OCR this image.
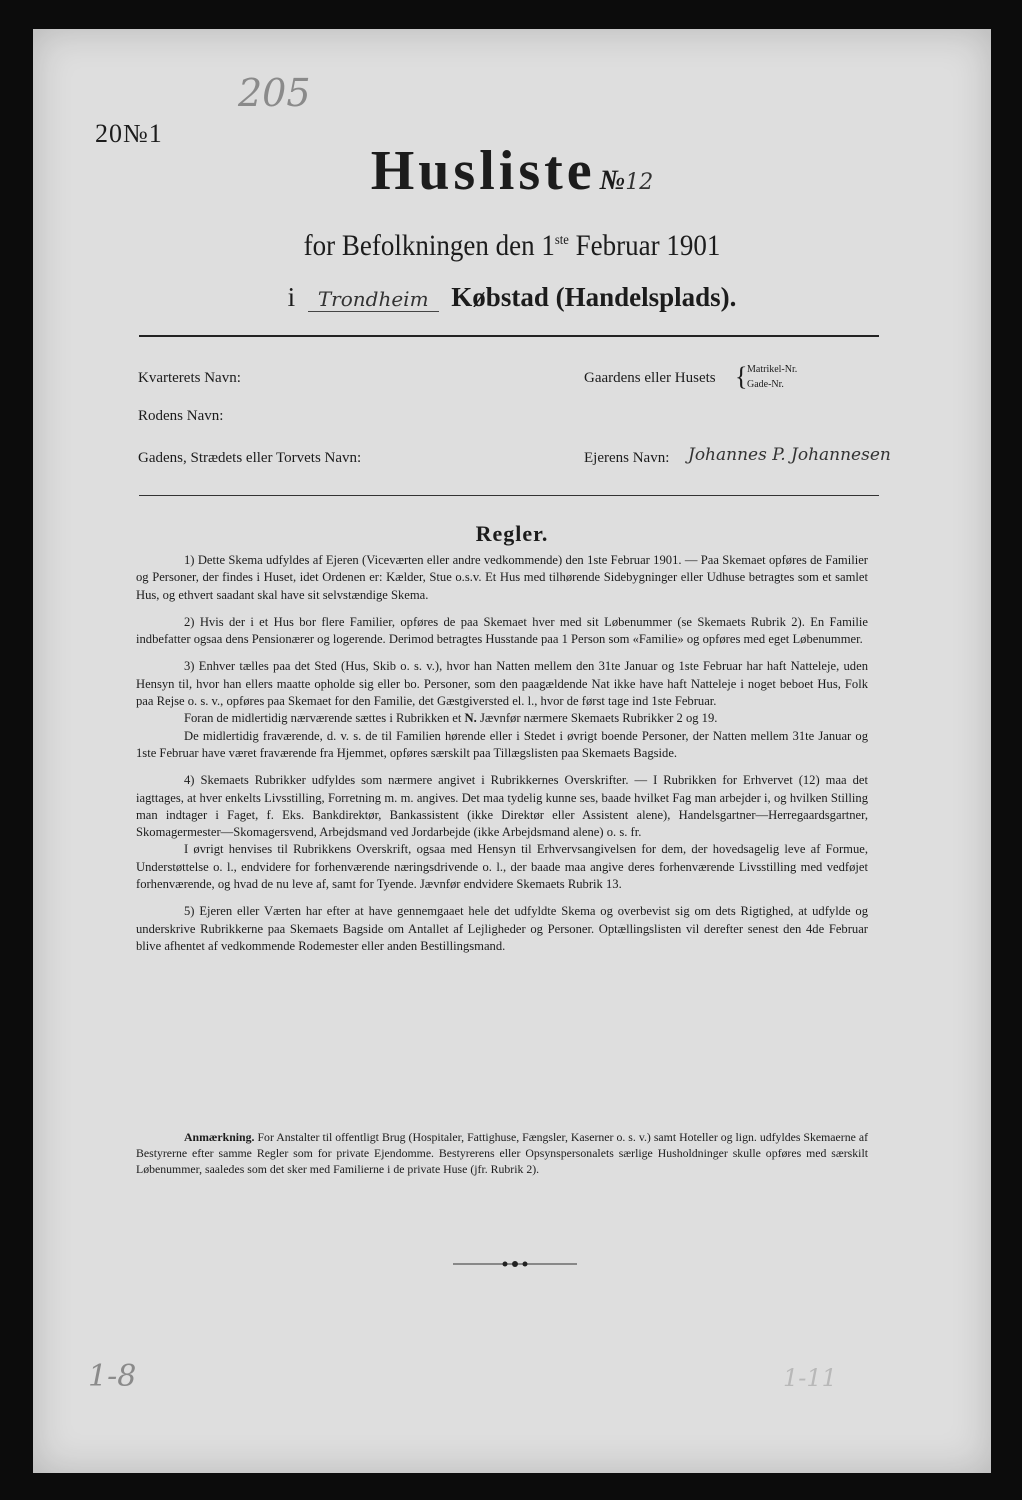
20№1
205
Husliste №12
for Befolkningen den 1ste Februar 1901
i Trondheim Købstad (Handelsplads).
Kvarterets Navn:
Rodens Navn:
Gadens, Strædets eller Torvets Navn:
Gaardens eller Husets { Matrikel-Nr.
Gade-Nr.
Ejerens Navn: Johannes P. Johannesen
Regler.

1) Dette Skema udfyldes af Ejeren (Viceværten eller andre vedkommende) den 1ste Februar 1901. — Paa Skemaet opføres de Familier og Personer, der findes i Huset, idet Ordenen er: Kælder, Stue o.s.v. Et Hus med tilhørende Sidebygninger eller Udhuse betragtes som et samlet Hus, og ethvert saadant skal have sit selvstændige Skema.

2) Hvis der i et Hus bor flere Familier, opføres de paa Skemaet hver med sit Løbenummer (se Skemaets Rubrik 2). En Familie indbefatter ogsaa dens Pensionærer og logerende. Derimod betragtes Husstande paa 1 Person som «Familie» og opføres med eget Løbenummer.

3) Enhver tælles paa det Sted (Hus, Skib o. s. v.), hvor han Natten mellem den 31te Januar og 1ste Februar har haft Natteleje, uden Hensyn til, hvor han ellers maatte opholde sig eller bo. Personer, som den paagældende Nat ikke have haft Natteleje i noget beboet Hus, Folk paa Rejse o. s. v., opføres paa Skemaet for den Familie, det Gæstgiversted el. l., hvor de først tage ind 1ste Februar.

Foran de midlertidig nærværende sættes i Rubrikken et N. Jævnfør nærmere Skemaets Rubrikker 2 og 19.

De midlertidig fraværende, d. v. s. de til Familien hørende eller i Stedet i øvrigt boende Personer, der Natten mellem 31te Januar og 1ste Februar have været fraværende fra Hjemmet, opføres særskilt paa Tillægslisten paa Skemaets Bagside.

4) Skemaets Rubrikker udfyldes som nærmere angivet i Rubrikkernes Overskrifter. — I Rubrikken for Erhvervet (12) maa det iagttages, at hver enkelts Livsstilling, Forretning m. m. angives. Det maa tydelig kunne ses, baade hvilket Fag man arbejder i, og hvilken Stilling man indtager i Faget, f. Eks. Bankdirektør, Bankassistent (ikke Direktør eller Assistent alene), Handelsgartner—Herregaardsgartner, Skomagermester—Skomagersvend, Arbejdsmand ved Jordarbejde (ikke Arbejdsmand alene) o. s. fr.

I øvrigt henvises til Rubrikkens Overskrift, ogsaa med Hensyn til Erhvervsangivelsen for dem, der hovedsagelig leve af Formue, Understøttelse o. l., endvidere for forhenværende næringsdrivende o. l., der baade maa angive deres forhenværende Livsstilling med vedføjet forhenværende, og hvad de nu leve af, samt for Tyende. Jævnfør endvidere Skemaets Rubrik 13.

5) Ejeren eller Værten har efter at have gennemgaaet hele det udfyldte Skema og overbevist sig om dets Rigtighed, at udfylde og underskrive Rubrikkerne paa Skemaets Bagside om Antallet af Lejligheder og Personer. Optællingslisten vil derefter senest den 4de Februar blive afhentet af vedkommende Rodemester eller anden Bestillingsmand.

Anmærkning. For Anstalter til offentligt Brug (Hospitaler, Fattighuse, Fængsler, Kaserner o. s. v.) samt Hoteller og lign. udfyldes Skemaerne af Bestyrerne efter samme Regler som for private Ejendomme. Bestyrerens eller Opsynspersonalets særlige Husholdninger skulle opføres med særskilt Løbenummer, saaledes som det sker med Familierne i de private Huse (jfr. Rubrik 2).

1-8	1-11
